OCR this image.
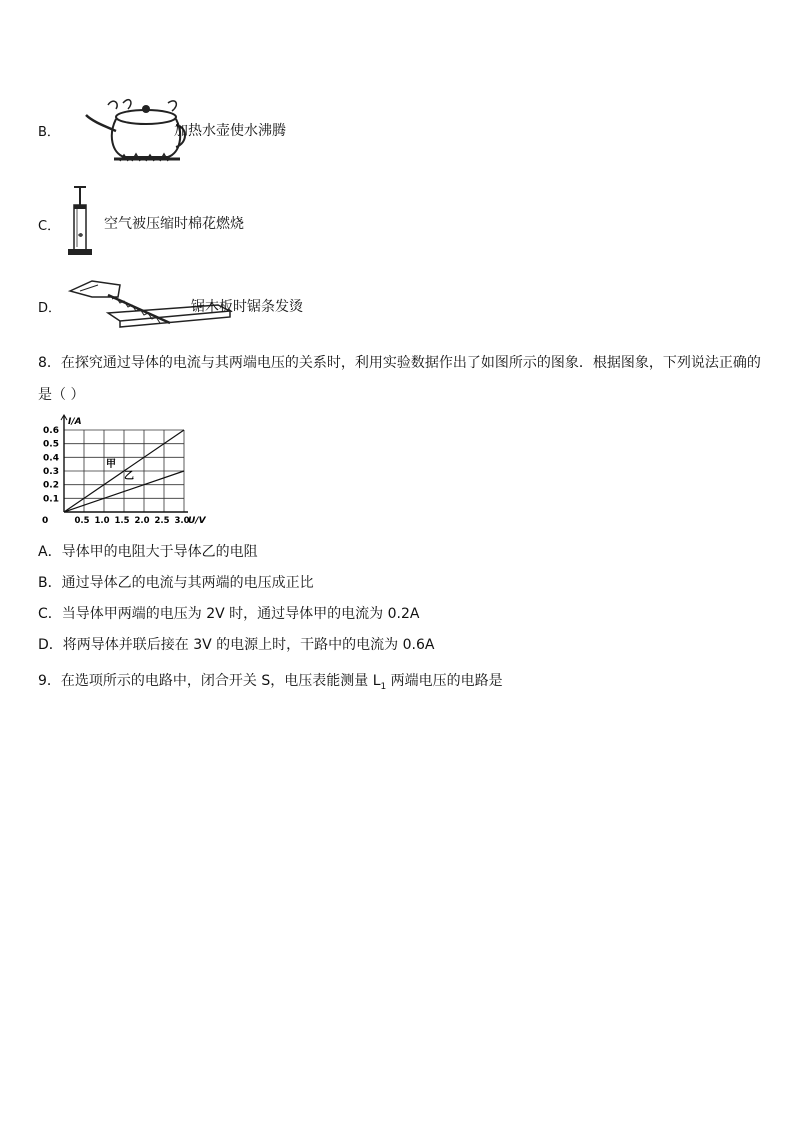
B．	加热水壶使水沸腾
C．	空气被压缩时棉花燃烧
D．	锯木板时锯条发烫
8．在探究通过导体的电流与其两端电压的关系时，利用实验数据作出了如图所示的图象．根据图象，下列说法正确的
是（ ）
0.1
0.2
0.3
0.4
0.5
0.6
0.5 1.0 1.5 2.0 2.5 3.0
0
I/A
U/V
甲
乙
A．导体甲的电阻大于导体乙的电阻
B．通过导体乙的电流与其两端的电压成正比
C．当导体甲两端的电压为 2V 时，通过导体甲的电流为 0.2A
D．将两导体并联后接在 3V 的电源上时，干路中的电流为 0.6A
9．在选项所示的电路中，闭合开关 S，电压表能测量 $L_1$ 两端电压的电路是
